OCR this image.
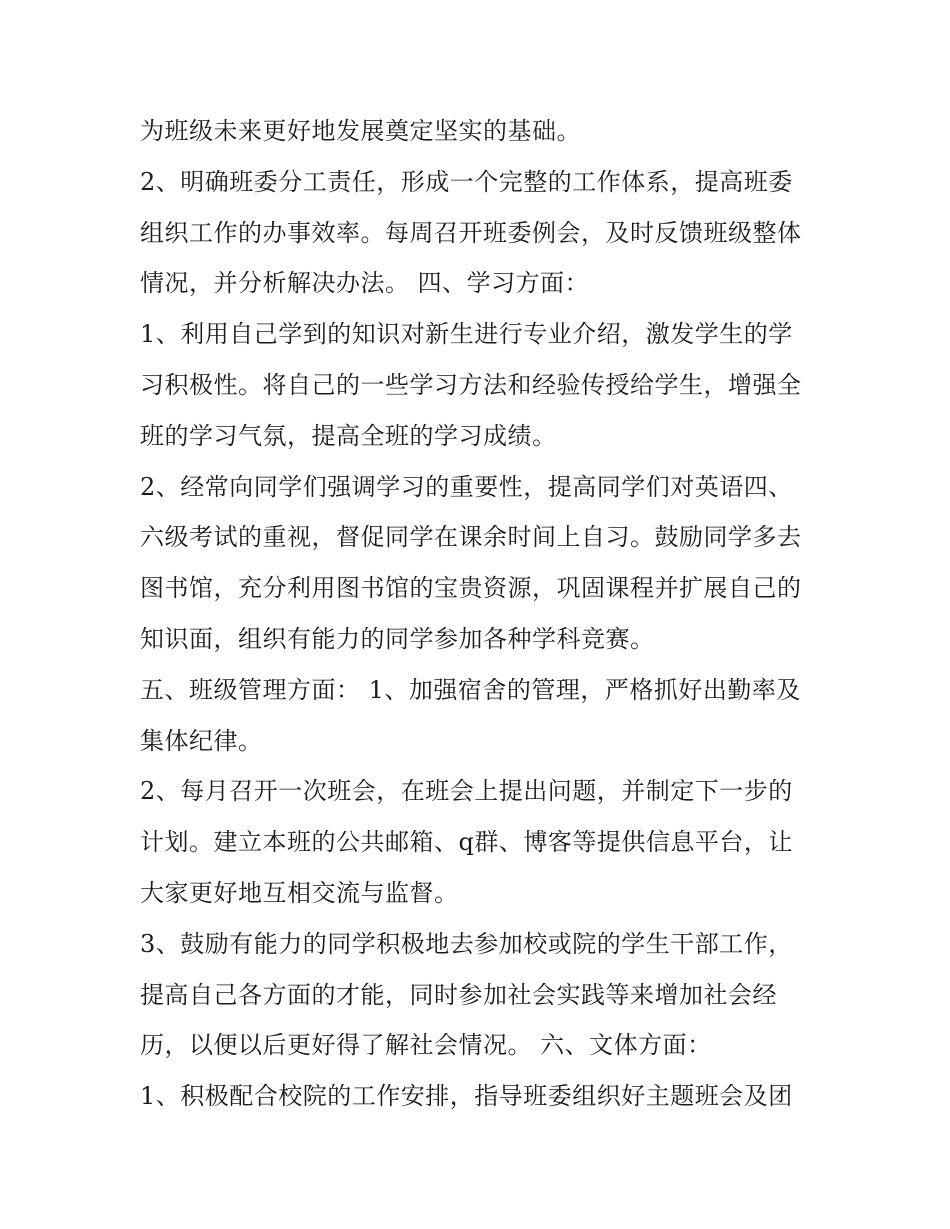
为班级未来更好地发展奠定坚实的基础。
2、明确班委分工责任，形成一个完整的工作体系，提高班委
组织工作的办事效率。每周召开班委例会，及时反馈班级整体
情况，并分析解决办法。 四、学习方面：
1、利用自己学到的知识对新生进行专业介绍，激发学生的学
习积极性。将自己的一些学习方法和经验传授给学生，增强全
班的学习气氛，提高全班的学习成绩。
2、经常向同学们强调学习的重要性，提高同学们对英语四、
六级考试的重视，督促同学在课余时间上自习。鼓励同学多去
图书馆，充分利用图书馆的宝贵资源，巩固课程并扩展自己的
知识面，组织有能力的同学参加各种学科竞赛。
五、班级管理方面： 1、加强宿舍的管理，严格抓好出勤率及
集体纪律。
2、每月召开一次班会，在班会上提出问题，并制定下一步的
计划。建立本班的公共邮箱、q群、博客等提供信息平台，让
大家更好地互相交流与监督。
3、鼓励有能力的同学积极地去参加校或院的学生干部工作，
提高自己各方面的才能，同时参加社会实践等来增加社会经
历，以便以后更好得了解社会情况。 六、文体方面：
1、积极配合校院的工作安排，指导班委组织好主题班会及团
